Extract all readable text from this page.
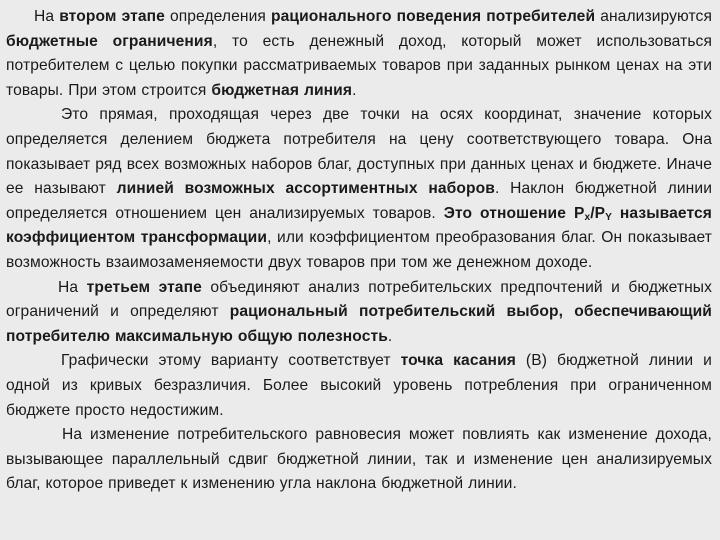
На втором этапе определения рационального поведения потребителей анализируются бюджетные ограничения, то есть денежный доход, который может использоваться потребителем с целью покупки рассматриваемых товаров при заданных рынком ценах на эти товары. При этом строится бюджетная линия.

Это прямая, проходящая через две точки на осях координат, значение которых определяется делением бюджета потребителя на цену соответствующего товара. Она показывает ряд всех возможных наборов благ, доступных при данных ценах и бюджете. Иначе ее называют линией возможных ассортиментных наборов. Наклон бюджетной линии определяется отношением цен анализируемых товаров. Это отношение $P_x/P_Y$ называется коэффициентом трансформации, или коэффициентом преобразования благ. Он показывает возможность взаимозаменяемости двух товаров при том же денежном доходе.

На третьем этапе объединяют анализ потребительских предпочтений и бюджетных ограничений и определяют рациональный потребительский выбор, обеспечивающий потребителю максимальную общую полезность.

Графически этому варианту соответствует точка касания (В) бюджетной линии и одной из кривых безразличия. Более высокий уровень потребления при ограниченном бюджете просто недостижим.

На изменение потребительского равновесия может повлиять как изменение дохода, вызывающее параллельный сдвиг бюджетной линии, так и изменение цен анализируемых благ, которое приведет к изменению угла наклона бюджетной линии.
